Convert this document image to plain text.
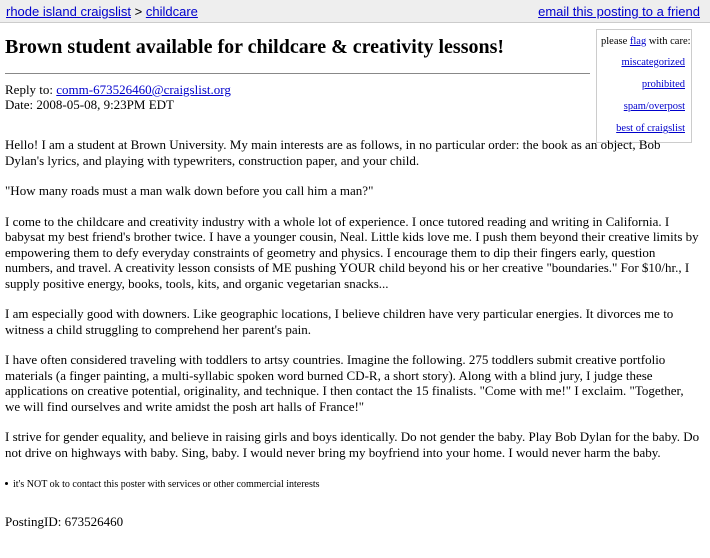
rhode island craigslist > childcare	email this posting to a friend
Brown student available for childcare & creativity lessons!	please flag with care:
miscategorized
prohibited
spam/overpost
best of craigslist
Reply to: comm-673526460@craigslist.org
Date: 2008-05-08, 9:23PM EDT

Hello! I am a student at Brown University. My main interests are as follows, in no particular order: the book as an object, Bob Dylan's lyrics, and playing with typewriters, construction paper, and your child.

"How many roads must a man walk down before you call him a man?"

I come to the childcare and creativity industry with a whole lot of experience. I once tutored reading and writing in California. I babysat my best friend's brother twice. I have a younger cousin, Neal. Little kids love me. I push them beyond their creative limits by empowering them to defy everyday constraints of geometry and physics. I encourage them to dip their fingers early, question numbers, and travel. A creativity lesson consists of ME pushing YOUR child beyond his or her creative "boundaries." For $10/hr., I supply positive energy, books, tools, kits, and organic vegetarian snacks...

I am especially good with downers. Like geographic locations, I believe children have very particular energies. It divorces me to witness a child struggling to comprehend her parent's pain.

I have often considered traveling with toddlers to artsy countries. Imagine the following. 275 toddlers submit creative portfolio materials (a finger painting, a multi-syllabic spoken word burned CD-R, a short story). Along with a blind jury, I judge these applications on creative potential, originality, and technique. I then contact the 15 finalists. "Come with me!" I exclaim. "Together, we will find ourselves and write amidst the posh art halls of France!"

I strive for gender equality, and believe in raising girls and boys identically. Do not gender the baby. Play Bob Dylan for the baby. Do not drive on highways with baby. Sing, baby. I would never bring my boyfriend into your home. I would never harm the baby.

it's NOT ok to contact this poster with services or other commercial interests
PostingID: 673526460
